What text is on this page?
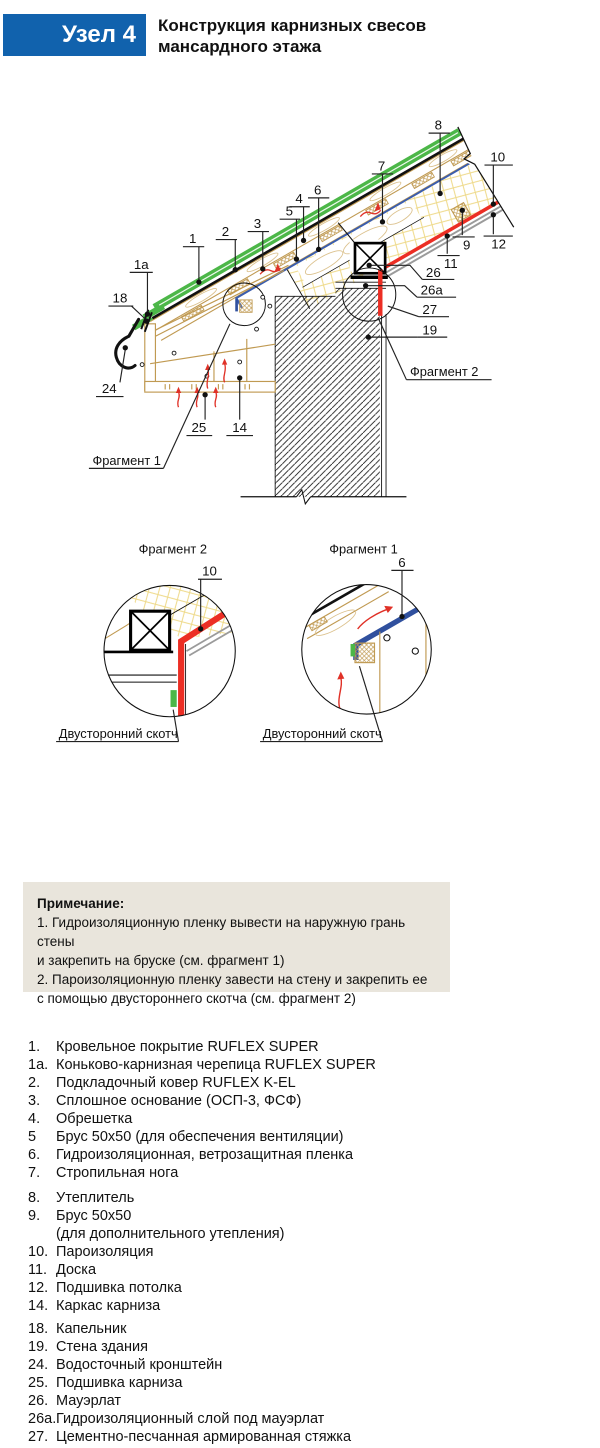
Узел 4 Конструкция карнизных свесов
мансардного этажа
1a
1 2
3
5
4
6
7
8
10
9
11
12
25 14
18
24
26
26a
27
19
Фрагмент 1
Фрагмент 2
Фрагмент 2
10
Двусторонний скотч
Фрагмент 1
6
Двусторонний скотч
Примечание:
1. Гидроизоляционную пленку вывести на наружную грань стены
и закрепить на бруске (см. фрагмент 1)
2. Пароизоляционную пленку завести на стену и закрепить ее
с помощью двустороннего скотча (см. фрагмент 2)
1.	Кровельное покрытие RUFLEX SUPER
1a. Коньково-карнизная черепица RUFLEX SUPER
2.	Подкладочный ковер RUFLEX K-EL
3.	Сплошное основание (ОСП-3, ФСФ)
4.	Обрешетка
5	Брус 50х50 (для обеспечения вентиляции)
6.	Гидроизоляционная, ветрозащитная пленка
7.	Стропильная нога
8.	Утеплитель
9.	Брус 50х50
(для дополнительного утепления)
10. Пароизоляция
11. Доска
12. Подшивка потолка
14. Каркас карниза
18. Капельник
19. Стена здания
24. Водосточный кронштейн
25. Подшивка карниза
26. Мауэрлат
26a. Гидроизоляционный слой под мауэрлат
27. Цементно-песчанная армированная стяжка
